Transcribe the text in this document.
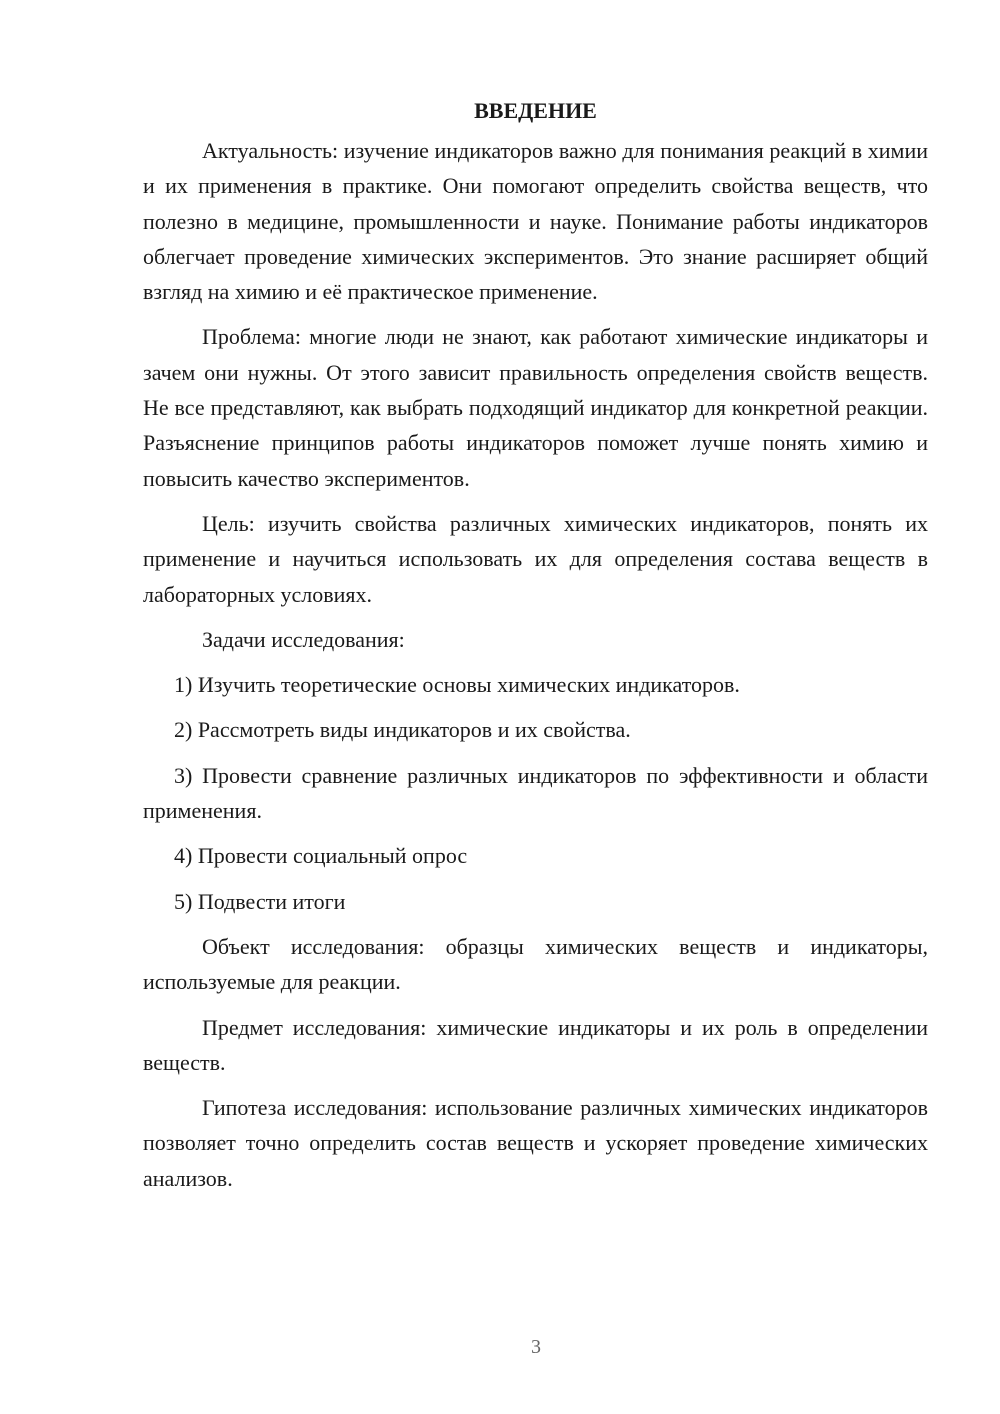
ВВЕДЕНИЕ

Актуальность: изучение индикаторов важно для понимания реакций в химии и их применения в практике. Они помогают определить свойства веществ, что полезно в медицине, промышленности и науке. Понимание работы индикаторов облегчает проведение химических экспериментов. Это знание расширяет общий взгляд на химию и её практическое применение.

Проблема: многие люди не знают, как работают химические индикаторы и зачем они нужны. От этого зависит правильность определения свойств веществ. Не все представляют, как выбрать подходящий индикатор для конкретной реакции. Разъяснение принципов работы индикаторов поможет лучше понять химию и повысить качество экспериментов.

Цель: изучить свойства различных химических индикаторов, понять их применение и научиться использовать их для определения состава веществ в лабораторных условиях.

Задачи исследования:

1) Изучить теоретические основы химических индикаторов.

2) Рассмотреть виды индикаторов и их свойства.

3) Провести сравнение различных индикаторов по эффективности и области применения.

4) Провести социальный опрос

5) Подвести итоги

Объект исследования: образцы химических веществ и индикаторы, используемые для реакции.

Предмет исследования: химические индикаторы и их роль в определении веществ.

Гипотеза исследования: использование различных химических индикаторов позволяет точно определить состав веществ и ускоряет проведение химических анализов.

3
